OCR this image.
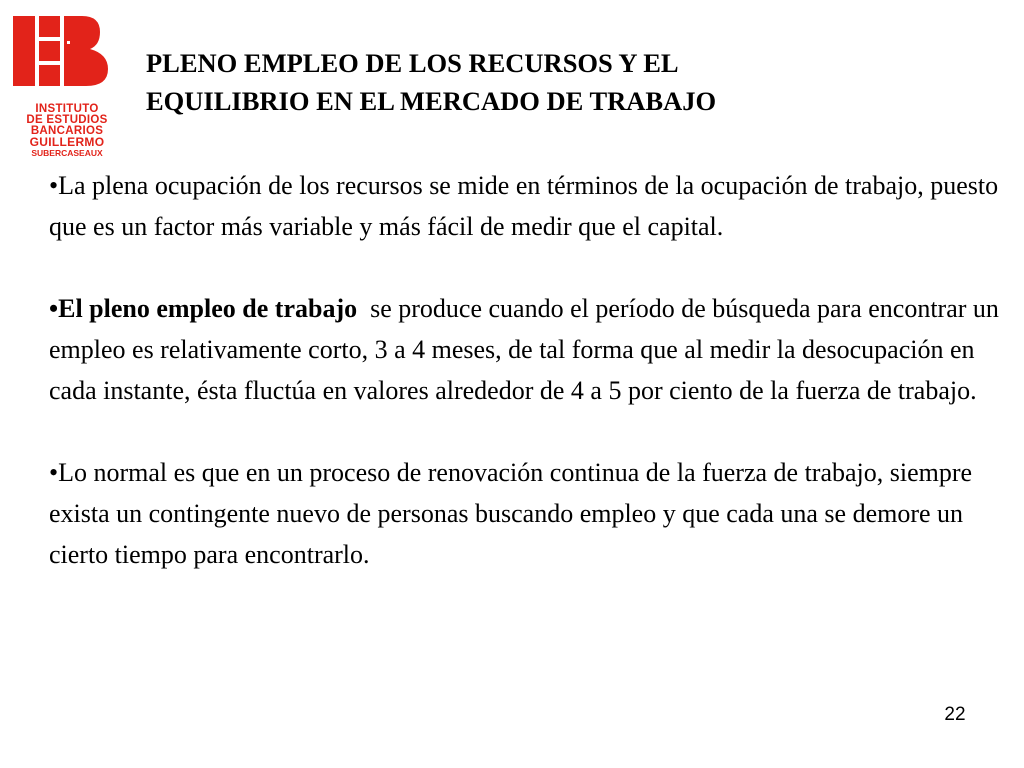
INSTITUTO
DE ESTUDIOS
BANCARIOS
GUILLERMO
SUBERCASEAUX
PLENO EMPLEO DE LOS RECURSOS Y EL
EQUILIBRIO EN EL MERCADO DE TRABAJO

•La plena ocupación de los recursos se mide en términos de la ocupación de trabajo, puesto que es un factor más variable y más fácil de medir que el capital.

•El pleno empleo de trabajo  se produce cuando el período de búsqueda para encontrar un empleo es relativamente corto, 3 a 4 meses, de tal forma que al medir la desocupación en cada instante, ésta fluctúa en valores alrededor de 4 a 5 por ciento de la fuerza de trabajo.

•Lo normal es que en un proceso de renovación continua de la fuerza de trabajo, siempre exista un contingente nuevo de personas buscando empleo y que cada una se demore un cierto tiempo para encontrarlo.

22
